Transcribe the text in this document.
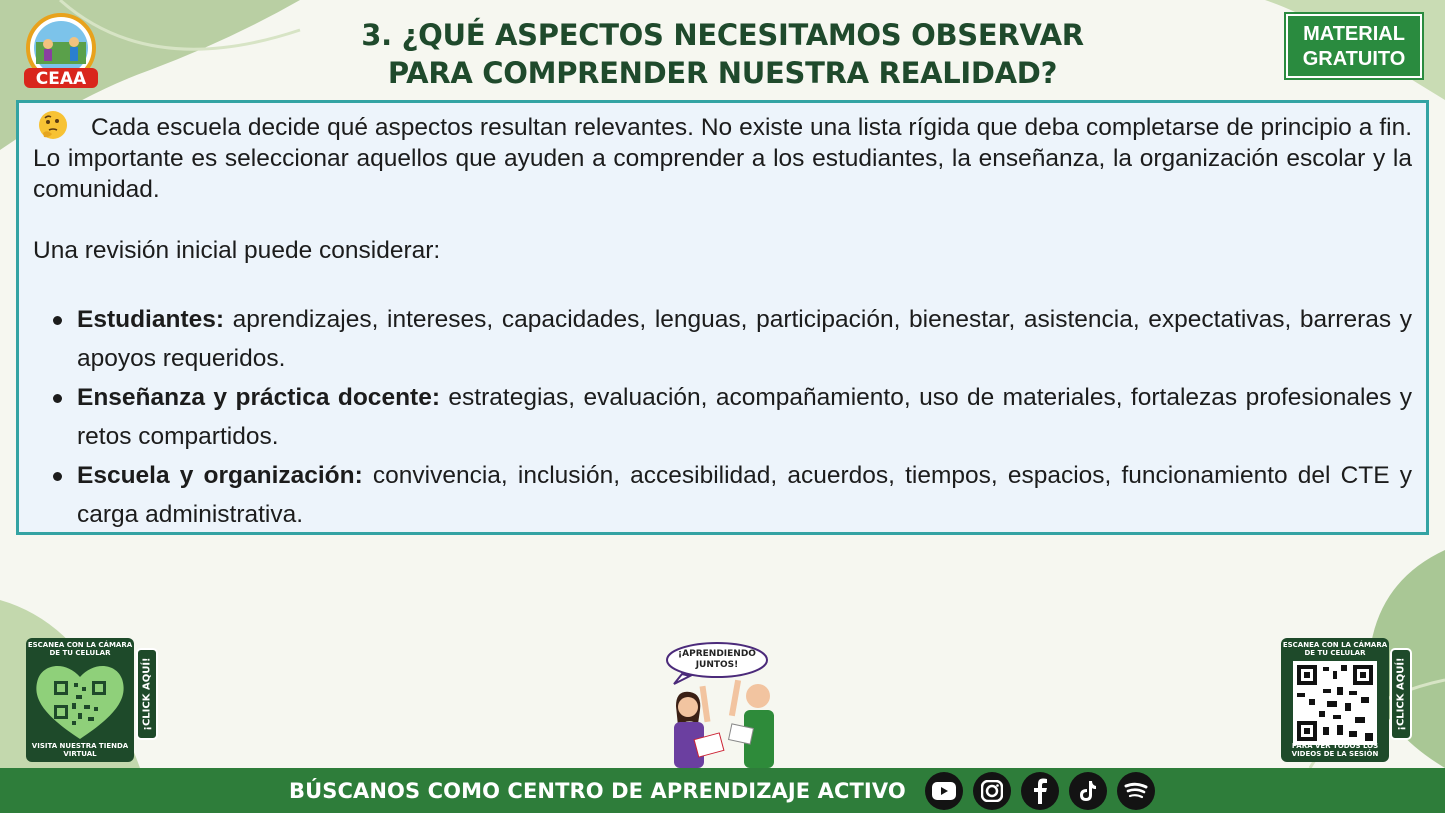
CEAA
3. ¿QUÉ ASPECTOS NECESITAMOS OBSERVAR
PARA COMPRENDER NUESTRA REALIDAD?
MATERIAL
GRATUITO

Cada escuela decide qué aspectos resultan relevantes. No existe una lista rígida que deba completarse de principio a fin. Lo importante es seleccionar aquellos que ayuden a comprender a los estudiantes, la enseñanza, la organización escolar y la comunidad.

Una revisión inicial puede considerar:

Estudiantes: aprendizajes, intereses, capacidades, lenguas, participación, bienestar, asistencia, expectativas, barreras y apoyos requeridos.
Enseñanza y práctica docente: estrategias, evaluación, acompañamiento, uso de materiales, fortalezas profesionales y retos compartidos.
Escuela y organización: convivencia, inclusión, accesibilidad, acuerdos, tiempos, espacios, funcionamiento del CTE y carga administrativa.
ESCANEA CON LA CÁMARA DE TU CELULAR
VISITA NUESTRA TIENDA VIRTUAL
¡CLICK AQUÍ!
¡APRENDIENDO
JUNTOS!
ESCANEA CON LA CÁMARA DE TU CELULAR
PARA VER TODOS LOS VIDEOS DE LA SESIÓN
¡CLICK AQUÍ!
BÚSCANOS COMO CENTRO DE APRENDIZAJE ACTIVO
